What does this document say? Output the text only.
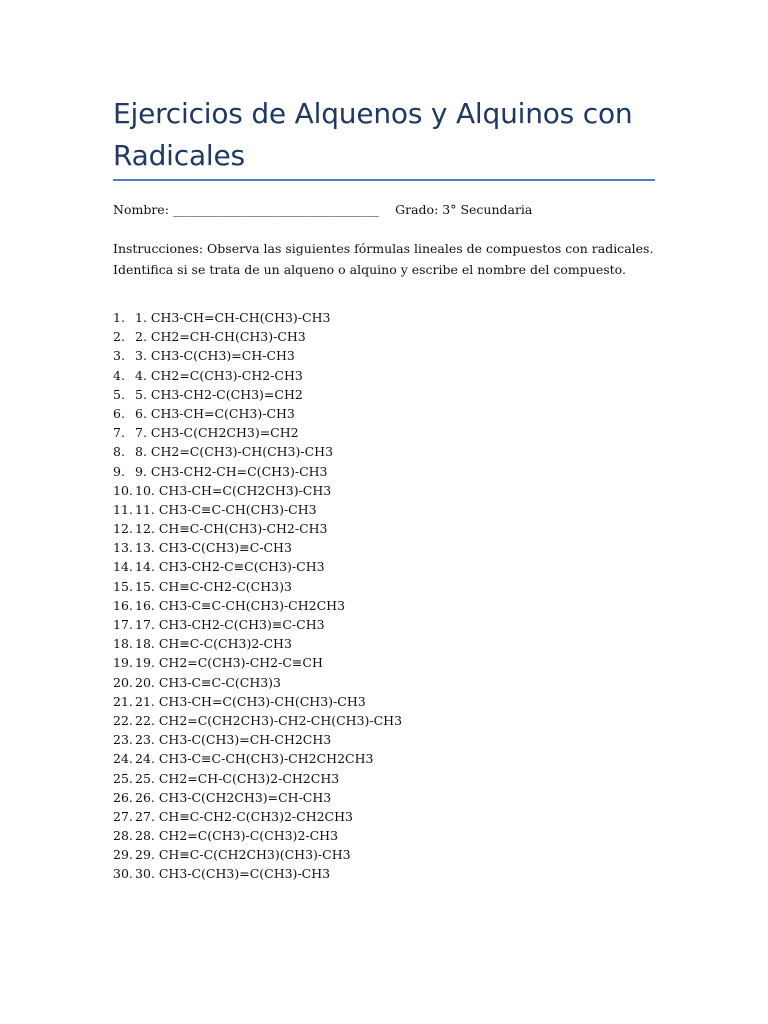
Ejercicios de Alquenos y Alquinos con Radicales
Nombre: _________________________________ Grado: 3° Secundaria

Instrucciones: Observa las siguientes fórmulas lineales de compuestos con radicales. Identifica si se trata de un alqueno o alquino y escribe el nombre del compuesto.

1. 1. CH3-CH=CH-CH(CH3)-CH3
2. 2. CH2=CH-CH(CH3)-CH3
3. 3. CH3-C(CH3)=CH-CH3
4. 4. CH2=C(CH3)-CH2-CH3
5. 5. CH3-CH2-C(CH3)=CH2
6. 6. CH3-CH=C(CH3)-CH3
7. 7. CH3-C(CH2CH3)=CH2
8. 8. CH2=C(CH3)-CH(CH3)-CH3
9. 9. CH3-CH2-CH=C(CH3)-CH3
10. 10. CH3-CH=C(CH2CH3)-CH3
11. 11. CH3-C≡C-CH(CH3)-CH3
12. 12. CH≡C-CH(CH3)-CH2-CH3
13. 13. CH3-C(CH3)≡C-CH3
14. 14. CH3-CH2-C≡C(CH3)-CH3
15. 15. CH≡C-CH2-C(CH3)3
16. 16. CH3-C≡C-CH(CH3)-CH2CH3
17. 17. CH3-CH2-C(CH3)≡C-CH3
18. 18. CH≡C-C(CH3)2-CH3
19. 19. CH2=C(CH3)-CH2-C≡CH
20. 20. CH3-C≡C-C(CH3)3
21. 21. CH3-CH=C(CH3)-CH(CH3)-CH3
22. 22. CH2=C(CH2CH3)-CH2-CH(CH3)-CH3
23. 23. CH3-C(CH3)=CH-CH2CH3
24. 24. CH3-C≡C-CH(CH3)-CH2CH2CH3
25. 25. CH2=CH-C(CH3)2-CH2CH3
26. 26. CH3-C(CH2CH3)=CH-CH3
27. 27. CH≡C-CH2-C(CH3)2-CH2CH3
28. 28. CH2=C(CH3)-C(CH3)2-CH3
29. 29. CH≡C-C(CH2CH3)(CH3)-CH3
30. 30. CH3-C(CH3)=C(CH3)-CH3
